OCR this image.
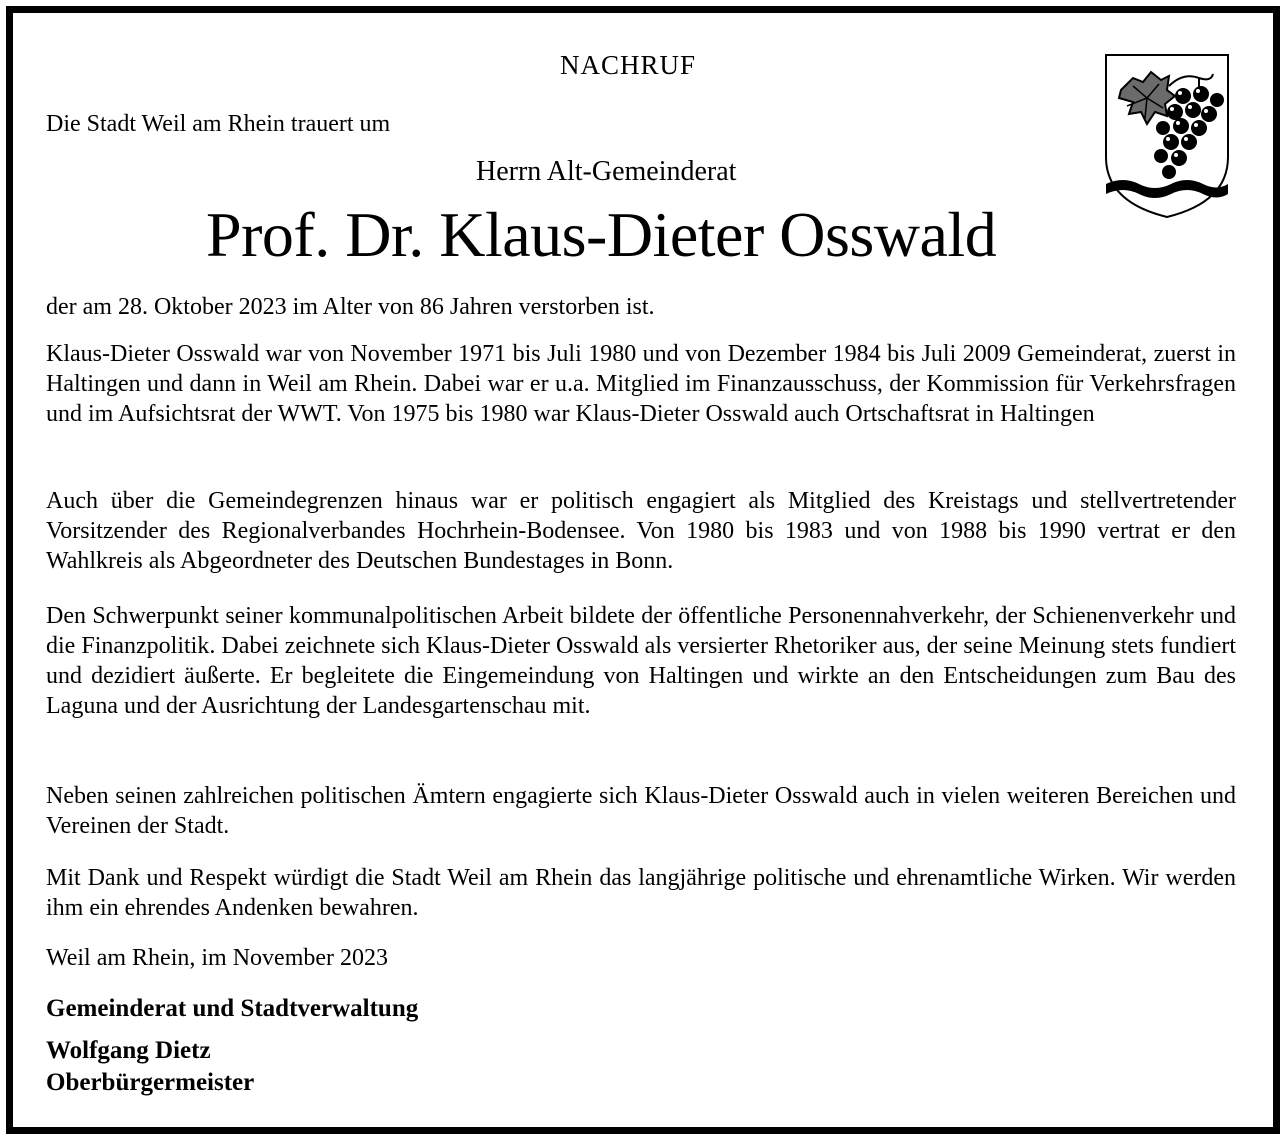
NACHRUF
Die Stadt Weil am Rhein trauert um
Herrn Alt-Gemeinderat
Prof. Dr. Klaus-Dieter Osswald

der am 28. Oktober 2023 im Alter von 86 Jahren verstorben ist.

Klaus-Dieter Osswald war von November 1971 bis Juli 1980 und von Dezember 1984 bis Juli 2009 Gemeinderat, zuerst in Haltingen und dann in Weil am Rhein. Dabei war er u.a. Mitglied im Finanzausschuss, der Kommission für Verkehrsfragen und im Aufsichtsrat der WWT. Von 1975 bis 1980 war Klaus-Dieter Osswald auch Ortschaftsrat in Haltingen

Auch über die Gemeindegrenzen hinaus war er politisch engagiert als Mitglied des Kreistags und stellvertretender Vorsitzender des Regionalverbandes Hochrhein-Bodensee. Von 1980 bis 1983 und von 1988 bis 1990 vertrat er den Wahlkreis als Abgeordneter des Deutschen Bundestages in Bonn.

Den Schwerpunkt seiner kommunalpolitischen Arbeit bildete der öffentliche Personennahverkehr, der Schienenverkehr und die Finanzpolitik. Dabei zeichnete sich Klaus-Dieter Osswald als versierter Rhetoriker aus, der seine Meinung stets fundiert und dezidiert äußerte. Er begleitete die Eingemeindung von Haltingen und wirkte an den Entscheidungen zum Bau des Laguna und der Ausrichtung der Landesgartenschau mit.

Neben seinen zahlreichen politischen Ämtern engagierte sich Klaus-Dieter Osswald auch in vielen weiteren Bereichen und Vereinen der Stadt.

Mit Dank und Respekt würdigt die Stadt Weil am Rhein das langjährige politische und ehrenamtliche Wirken. Wir werden ihm ein ehrendes Andenken bewahren.

Weil am Rhein, im November 2023

Gemeinderat und Stadtverwaltung
Wolfgang Dietz
Oberbürgermeister
